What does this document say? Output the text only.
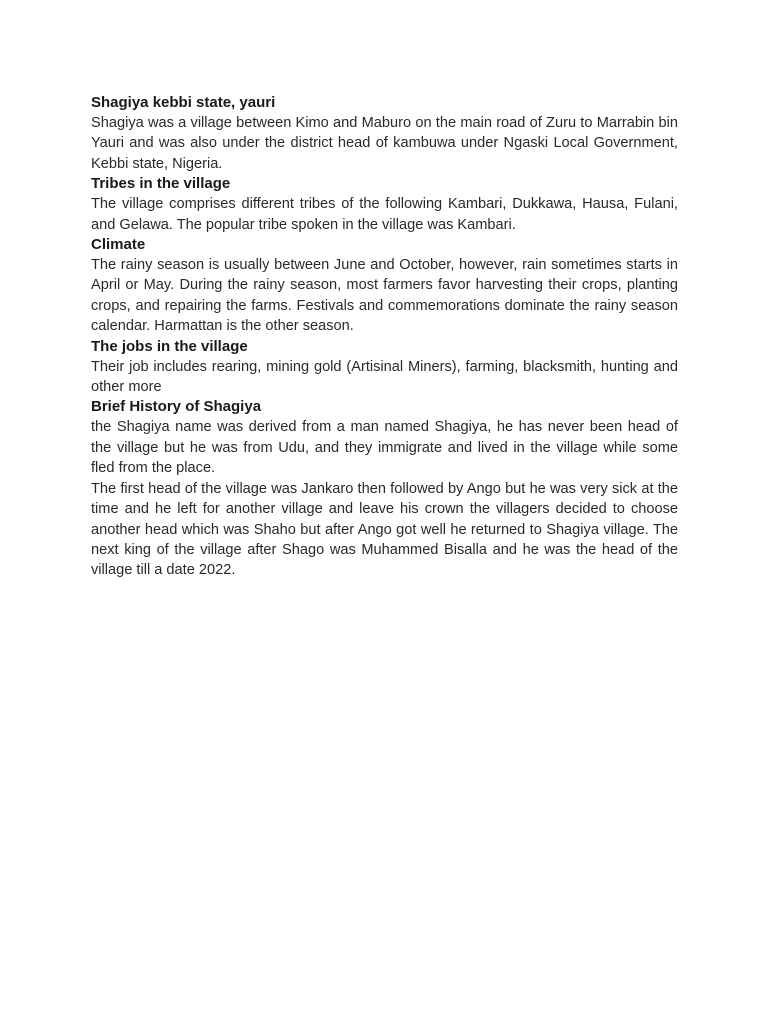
Shagiya kebbi state, yauri

Shagiya was a village between Kimo and Maburo on the main road of Zuru to Marrabin bin Yauri and was also under the district head of kambuwa under Ngaski Local Government, Kebbi state, Nigeria.

Tribes in the village

The village comprises different tribes of the following Kambari, Dukkawa, Hausa, Fulani, and Gelawa. The popular tribe spoken in the village was Kambari.

Climate

The rainy season is usually between June and October, however, rain sometimes starts in April or May. During the rainy season, most farmers favor harvesting their crops, planting crops, and repairing the farms. Festivals and commemorations dominate the rainy season calendar. Harmattan is the other season.

The jobs in the village

Their job includes rearing, mining gold (Artisinal Miners), farming, blacksmith, hunting and other more

Brief History of Shagiya

the Shagiya name was derived from a man named Shagiya, he has never been head of the village but he was from Udu, and they immigrate and lived in the village while some fled from the place.

The first head of the village was Jankaro then followed by Ango but he was very sick at the time and he left for another village and leave his crown the villagers decided to choose another head which was Shaho but after Ango got well he returned to Shagiya village. The next king of the village after Shago was Muhammed Bisalla and he was the head of the village till a date 2022.
